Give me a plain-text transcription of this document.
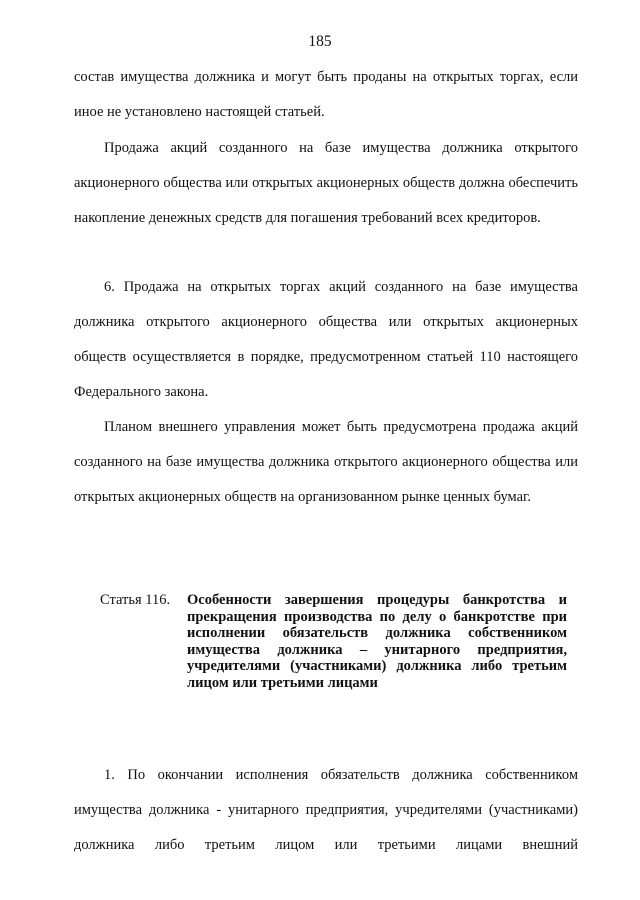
185

состав имущества должника и могут быть проданы на открытых торгах, если иное не установлено настоящей статьей.

Продажа акций созданного на базе имущества должника открытого акционерного общества или открытых акционерных обществ должна обеспечить накопление денежных средств для погашения требований всех кредиторов.

6. Продажа на открытых торгах акций созданного на базе имущества должника открытого акционерного общества или открытых акционерных обществ осуществляется в порядке, предусмотренном статьей 110 настоящего Федерального закона.

Планом внешнего управления может быть предусмотрена продажа акций созданного на базе имущества должника открытого акционерного общества или открытых акционерных обществ на организованном рынке ценных бумаг.

Статья 116. Особенности завершения процедуры банкротства и прекращения производства по делу о банкротстве при исполнении обязательств должника собственником имущества должника – унитарного предприятия, учредителями (участниками) должника либо третьим лицом или третьими лицами

1. По окончании исполнения обязательств должника собственником имущества должника - унитарного предприятия, учредителями (участниками) должника либо третьим лицом или третьими лицами внешний
